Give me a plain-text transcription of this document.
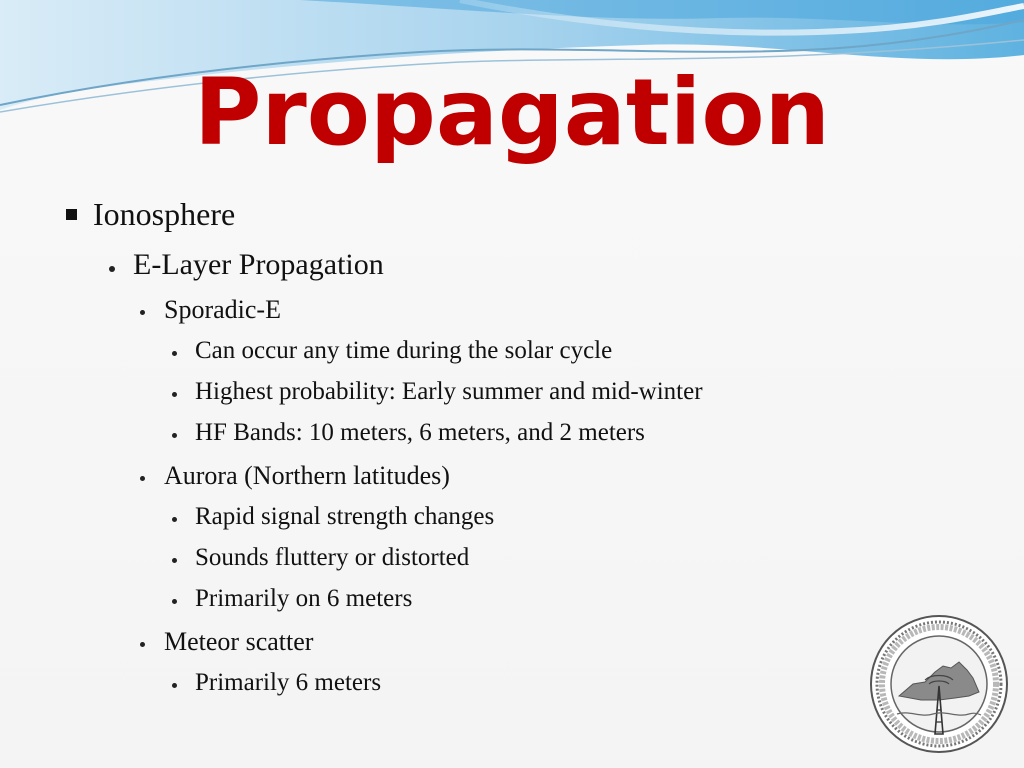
Propagation
Ionosphere
E-Layer Propagation
Sporadic-E
Can occur any time during the solar cycle
Highest probability: Early summer and mid-winter
HF Bands: 10 meters, 6 meters, and 2 meters
Aurora (Northern latitudes)
Rapid signal strength changes
Sounds fluttery or distorted
Primarily on 6 meters
Meteor scatter
Primarily 6 meters
